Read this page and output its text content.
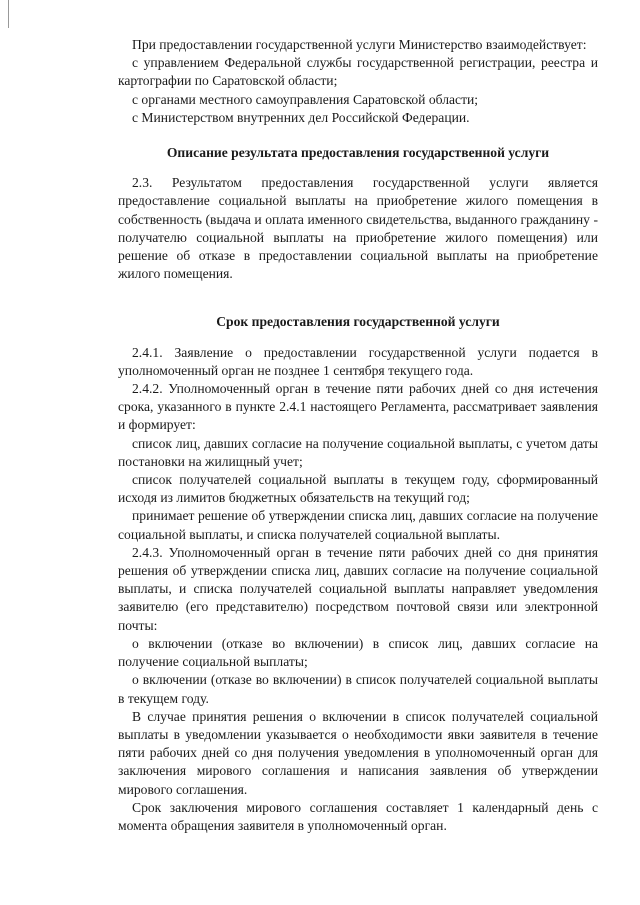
При предоставлении государственной услуги Министерство взаимодействует:

с управлением Федеральной службы государственной регистрации, реестра и картографии по Саратовской области;

с органами местного самоуправления Саратовской области;

с Министерством внутренних дел Российской Федерации.

Описание результата предоставления государственной услуги

2.3. Результатом предоставления государственной услуги является предоставление социальной выплаты на приобретение жилого помещения в собственность (выдача и оплата именного свидетельства, выданного гражданину - получателю социальной выплаты на приобретение жилого помещения) или решение об отказе в предоставлении социальной выплаты на приобретение жилого помещения.

Срок предоставления государственной услуги

2.4.1. Заявление о предоставлении государственной услуги подается в уполномоченный орган не позднее 1 сентября текущего года.

2.4.2. Уполномоченный орган в течение пяти рабочих дней со дня истечения срока, указанного в пункте 2.4.1 настоящего Регламента, рассматривает заявления и формирует:

список лиц, давших согласие на получение социальной выплаты, с учетом даты постановки на жилищный учет;

список получателей социальной выплаты в текущем году, сформированный исходя из лимитов бюджетных обязательств на текущий год;

принимает решение об утверждении списка лиц, давших согласие на получение социальной выплаты, и списка получателей социальной выплаты.

2.4.3. Уполномоченный орган в течение пяти рабочих дней со дня принятия решения об утверждении списка лиц, давших согласие на получение социальной выплаты, и списка получателей социальной выплаты направляет уведомления заявителю (его представителю) посредством почтовой связи или электронной почты:

о включении (отказе во включении) в список лиц, давших согласие на получение социальной выплаты;

о включении (отказе во включении) в список получателей социальной выплаты в текущем году.

В случае принятия решения о включении в список получателей социальной выплаты в уведомлении указывается о необходимости явки заявителя в течение пяти рабочих дней со дня получения уведомления в уполномоченный орган для заключения мирового соглашения и написания заявления об утверждении мирового соглашения.

Срок заключения мирового соглашения составляет 1 календарный день с момента обращения заявителя в уполномоченный орган.
